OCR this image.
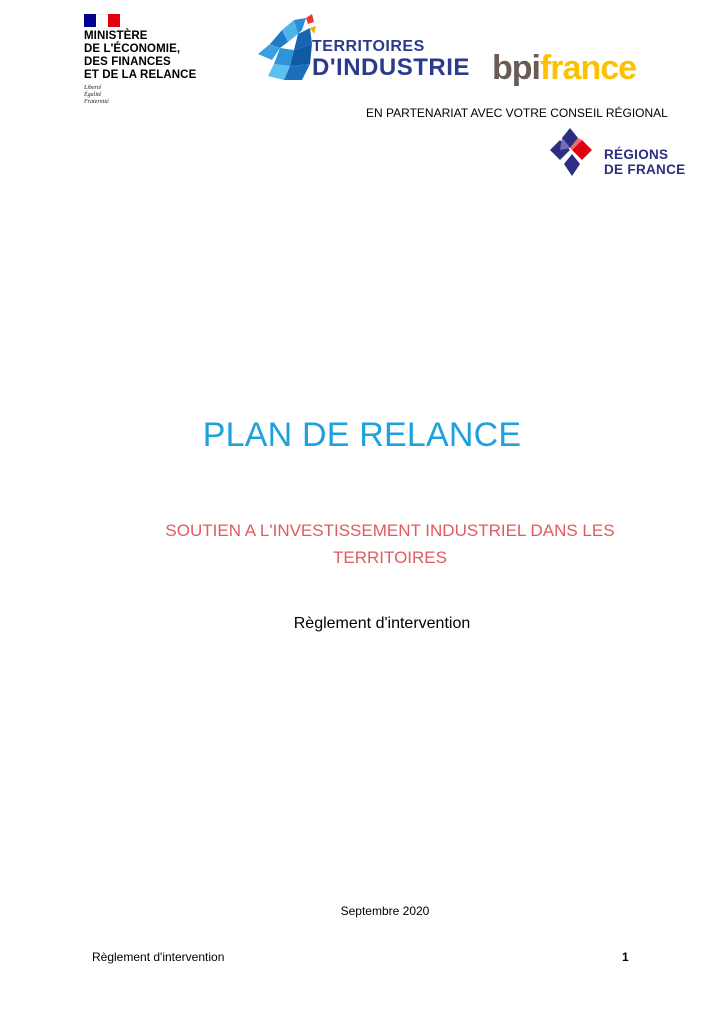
MINISTÈRE
DE L'ÉCONOMIE,
DES FINANCES
ET DE LA RELANCE
Liberté
Égalité
Fraternité
TERRITOIRES
D'INDUSTRIE bpifrance
EN PARTENARIAT AVEC VOTRE CONSEIL RÉGIONAL
RÉGIONS
DE FRANCE
PLAN DE RELANCE
SOUTIEN A L'INVESTISSEMENT INDUSTRIEL DANS LES
TERRITOIRES
Règlement d'intervention
Septembre 2020
Règlement d'intervention	1
